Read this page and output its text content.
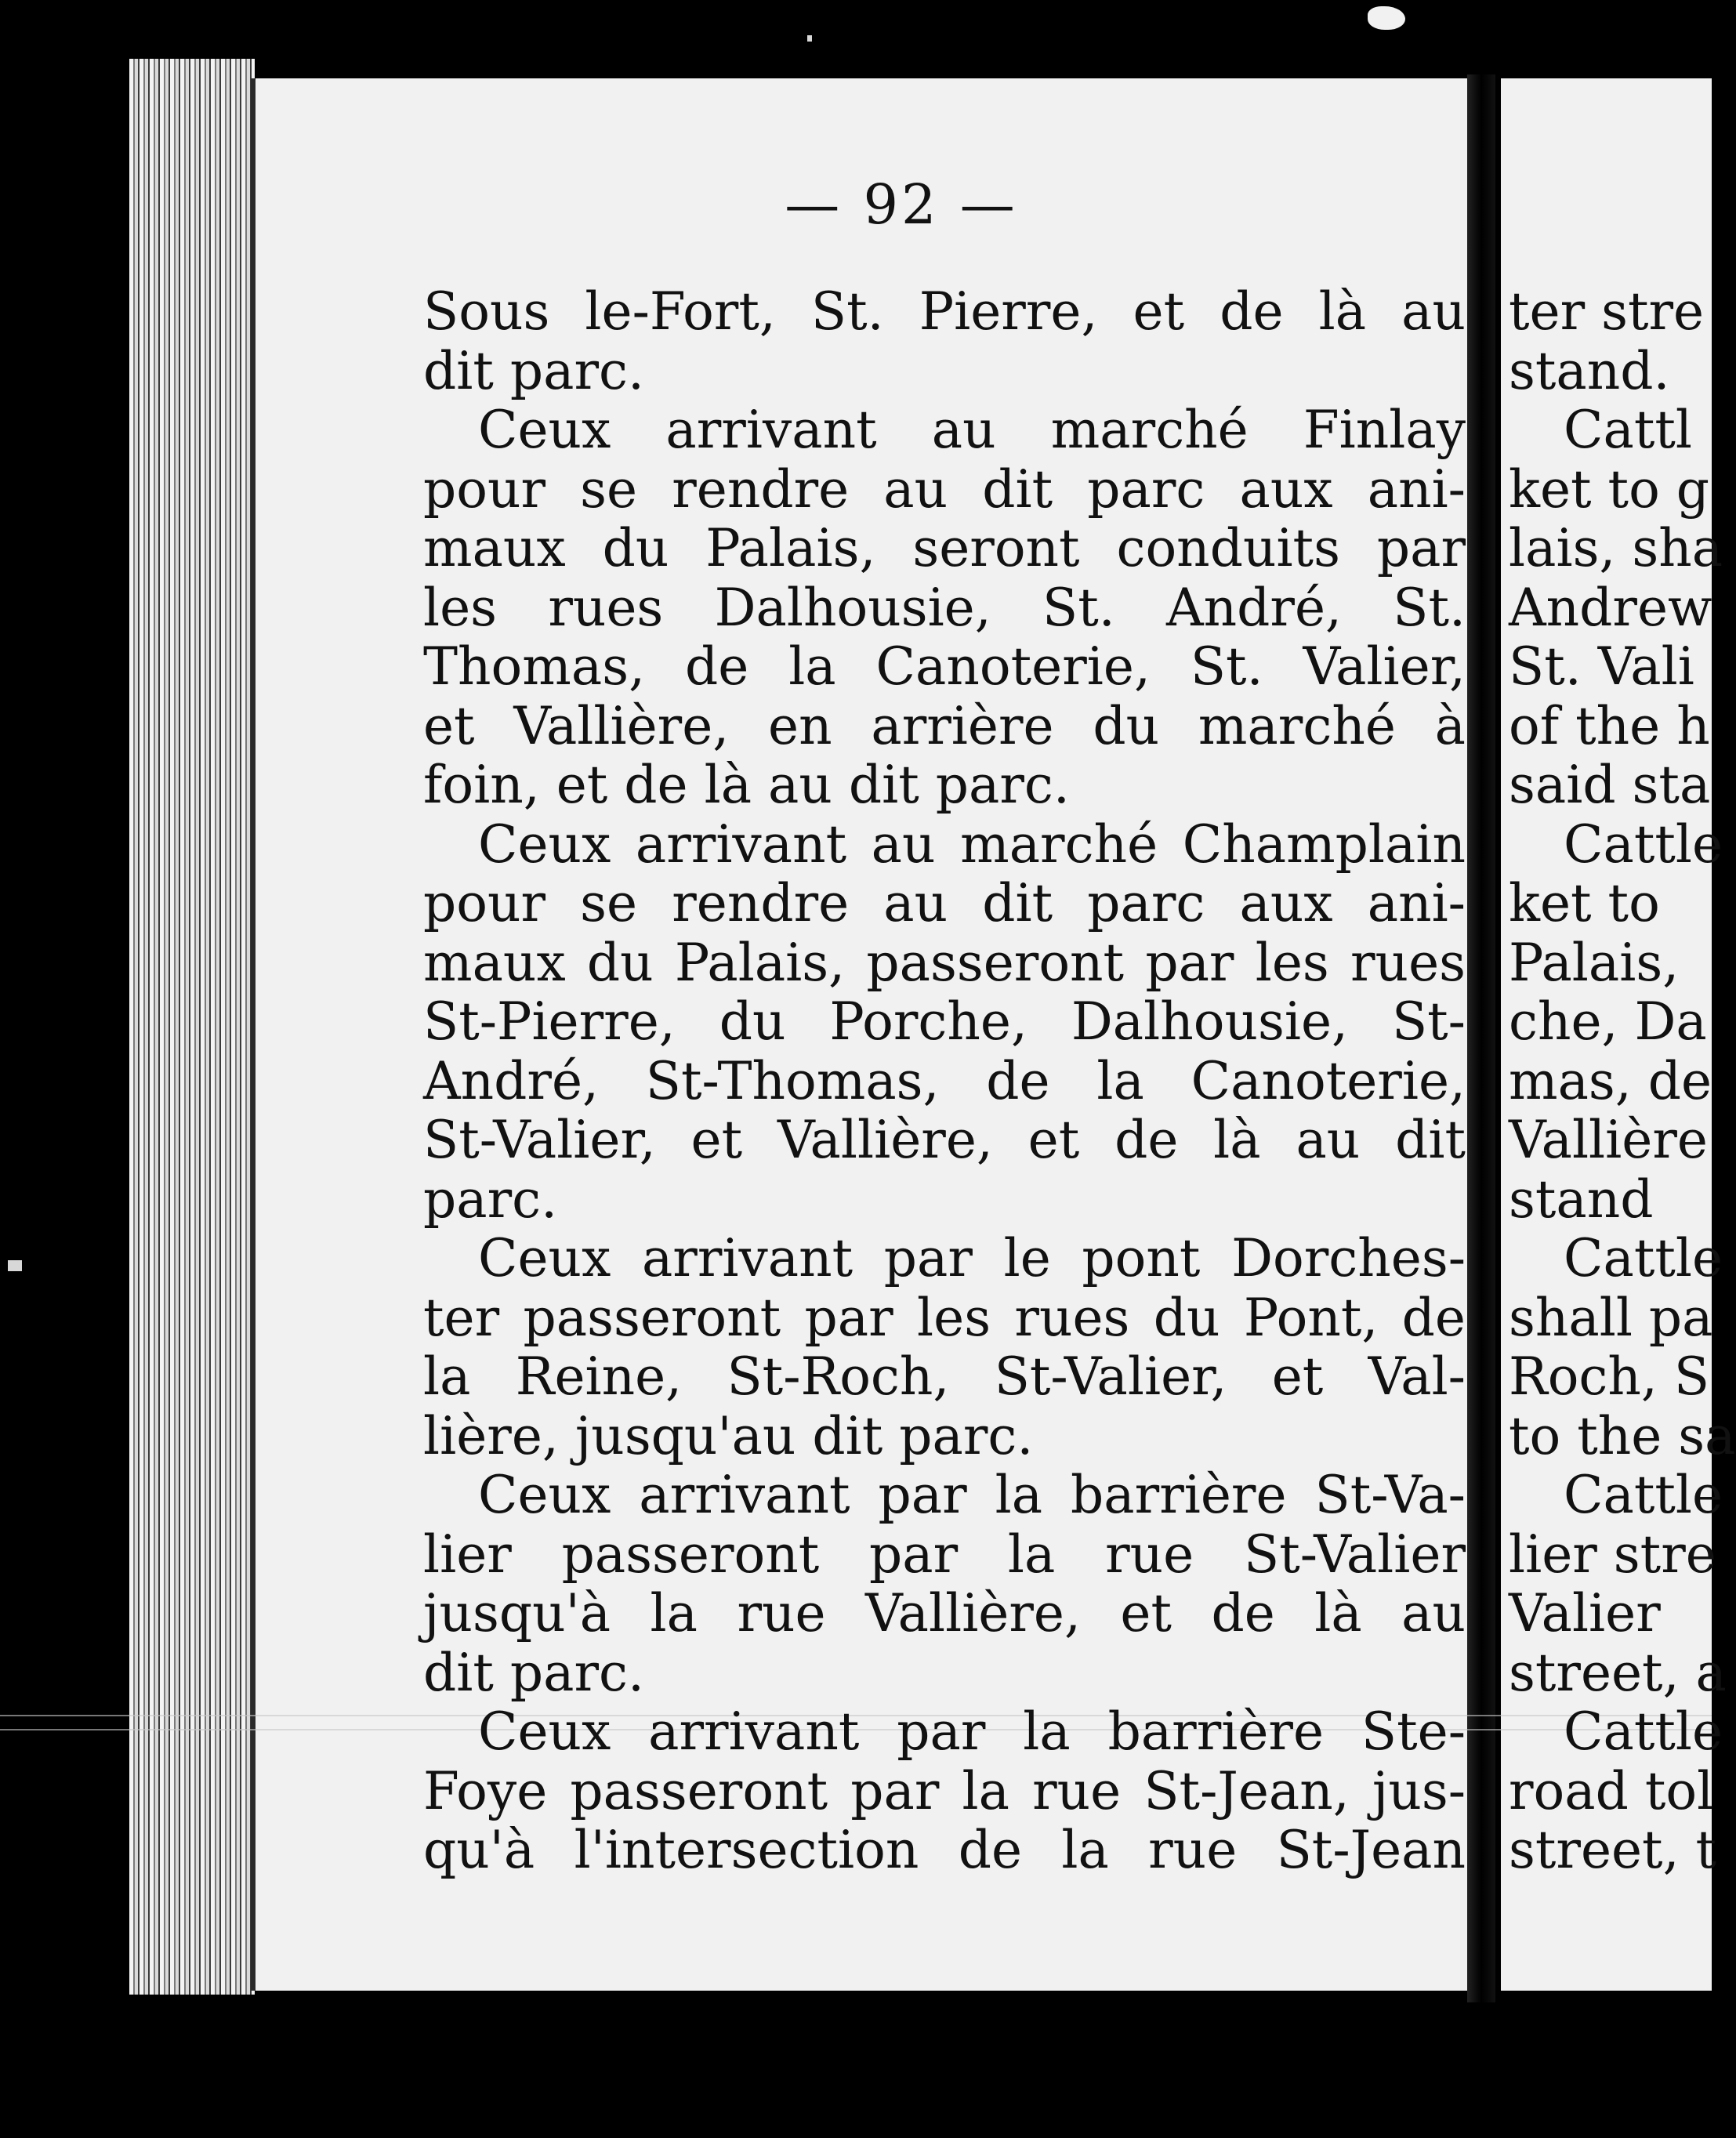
— 92 —
Sous le-Fort, St. Pierre, et de là au
dit parc.
Ceux arrivant au marché Finlay
pour se rendre au dit parc aux ani-
maux du Palais, seront conduits par
les rues Dalhousie, St. André, St.
Thomas, de la Canoterie, St. Valier,
et Vallière, en arrière du marché à
foin, et de là au dit parc.
Ceux arrivant au marché Champlain
pour se rendre au dit parc aux ani-
maux du Palais, passeront par les rues
St-Pierre, du Porche, Dalhousie, St-
André, St-Thomas, de la Canoterie,
St-Valier, et Vallière, et de là au dit
parc.
Ceux arrivant par le pont Dorches-
ter passeront par les rues du Pont, de
la Reine, St-Roch, St-Valier, et Val-
lière, jusqu'au dit parc.
Ceux arrivant par la barrière St-Va-
lier passeront par la rue St-Valier
jusqu'à la rue Vallière, et de là au
dit parc.
Ceux arrivant par la barrière Ste-
Foye passeront par la rue St-Jean, jus-
qu'à l'intersection de la rue St-Jean
ter stre
stand.
Cattl
ket to g
lais, sha
Andrew
St. Vali
of the h
said sta
Cattle
ket to
Palais,
che, Da
mas, de
Vallière
stand
Cattle
shall pa
Roch, S
to the sa
Cattle
lier stre
Valier
street, a
Cattle
road tol
street, t
